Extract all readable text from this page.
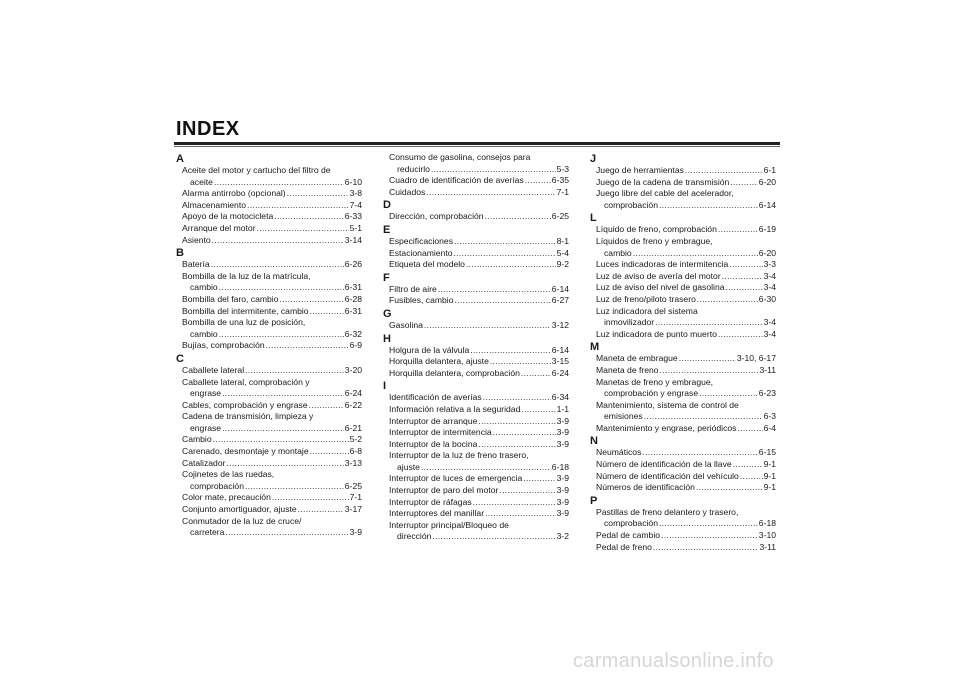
INDEX
A
Aceite del motor y cartucho del filtro de
aceite .....	6-10
Alarma antirrobo (opcional) .....	3-8
Almacenamiento .....	7-4
Apoyo de la motocicleta .....	6-33
Arranque del motor .....	5-1
Asiento .....	3-14
B
Batería .....	6-26
Bombilla de la luz de la matrícula,
cambio .....	6-31
Bombilla del faro, cambio .....	6-28
Bombilla del intermitente, cambio .....	6-31
Bombilla de una luz de posición,
cambio .....	6-32
Bujías, comprobación .....	6-9
C
Caballete lateral .....	3-20
Caballete lateral, comprobación y
engrase .....	6-24
Cables, comprobación y engrase .....	6-22
Cadena de transmisión, limpieza y
engrase .....	6-21
Cambio .....	5-2
Carenado, desmontaje y montaje .....	6-8
Catalizador .....	3-13
Cojinetes de las ruedas,
comprobación .....	6-25
Color mate, precaución .....	7-1
Conjunto amortiguador, ajuste .....	3-17
Conmutador de la luz de cruce/
carretera .....	3-9
Consumo de gasolina, consejos para
reducirlo .....	5-3
Cuadro de identificación de averías .....	6-35
Cuidados .....	7-1
D
Dirección, comprobación .....	6-25
E
Especificaciones .....	8-1
Estacionamiento .....	5-4
Etiqueta del modelo .....	9-2
F
Filtro de aire .....	6-14
Fusibles, cambio .....	6-27
G
Gasolina .....	3-12
H
Holgura de la válvula .....	6-14
Horquilla delantera, ajuste .....	3-15
Horquilla delantera, comprobación .....	6-24
I
Identificación de averías .....	6-34
Información relativa a la seguridad .....	1-1
Interruptor de arranque .....	3-9
Interruptor de intermitencia .....	3-9
Interruptor de la bocina .....	3-9
Interruptor de la luz de freno trasero,
ajuste .....	6-18
Interruptor de luces de emergencia .....	3-9
Interruptor de paro del motor .....	3-9
Interruptor de ráfagas .....	3-9
Interruptores del manillar .....	3-9
Interruptor principal/Bloqueo de
dirección .....	3-2
J
Juego de herramientas .....	6-1
Juego de la cadena de transmisión .....	6-20
Juego libre del cable del acelerador,
comprobación .....	6-14
L
Líquido de freno, comprobación .....	6-19
Líquidos de freno y embrague,
cambio .....	6-20
Luces indicadoras de intermitencia .....	3-3
Luz de aviso de avería del motor .....	3-4
Luz de aviso del nivel de gasolina .....	3-4
Luz de freno/piloto trasero .....	6-30
Luz indicadora del sistema
inmovilizador .....	3-4
Luz indicadora de punto muerto .....	3-4
M
Maneta de embrague .....	3-10, 6-17
Maneta de freno .....	3-11
Manetas de freno y embrague,
comprobación y engrase .....	6-23
Mantenimiento, sistema de control de
emisiones .....	6-3
Mantenimiento y engrase, periódicos .....	6-4
N
Neumáticos .....	6-15
Número de identificación de la llave .....	9-1
Número de identificación del vehículo .....	9-1
Números de identificación .....	9-1
P
Pastillas de freno delantero y trasero,
comprobación .....	6-18
Pedal de cambio .....	3-10
Pedal de freno .....	3-11
carmanualsonline.info
